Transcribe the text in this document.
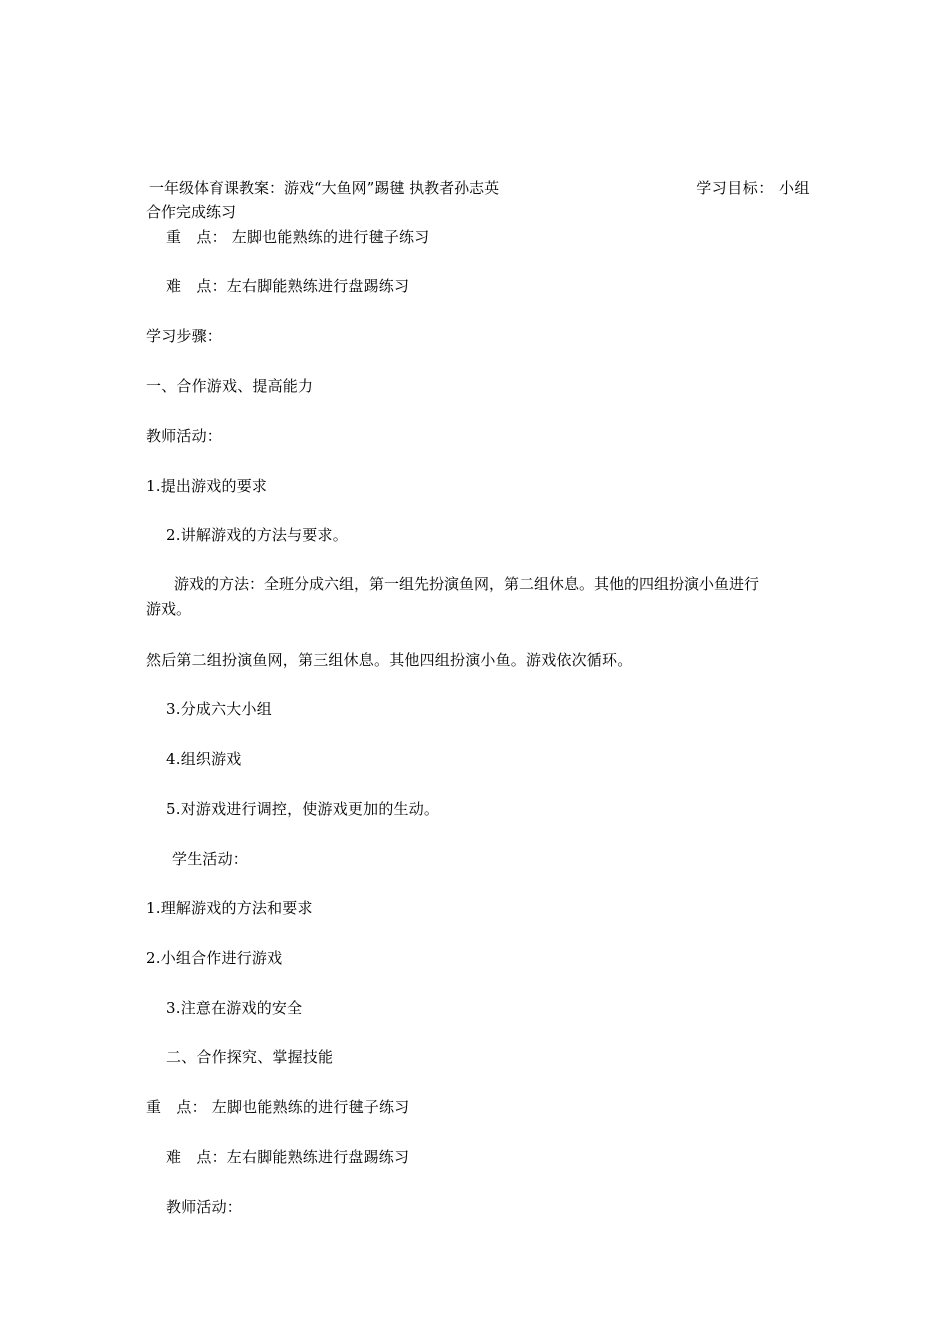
一年级体育课教案：游戏“大鱼网”踢毽 执教者孙志英	学习目标： 小组
合作完成练习
重　点： 左脚也能熟练的进行毽子练习
难　点：左右脚能熟练进行盘踢练习
学习步骤：
一、合作游戏、提高能力
教师活动：
1.提出游戏的要求
2.讲解游戏的方法与要求。
游戏的方法：全班分成六组，第一组先扮演鱼网，第二组休息。其他的四组扮演小鱼进行
游戏。
然后第二组扮演鱼网，第三组休息。其他四组扮演小鱼。游戏依次循环。
3.分成六大小组
4.组织游戏
5.对游戏进行调控，使游戏更加的生动。
学生活动：
1.理解游戏的方法和要求
2.小组合作进行游戏
3.注意在游戏的安全
二、合作探究、掌握技能
重　点： 左脚也能熟练的进行毽子练习
难　点：左右脚能熟练进行盘踢练习
教师活动：
